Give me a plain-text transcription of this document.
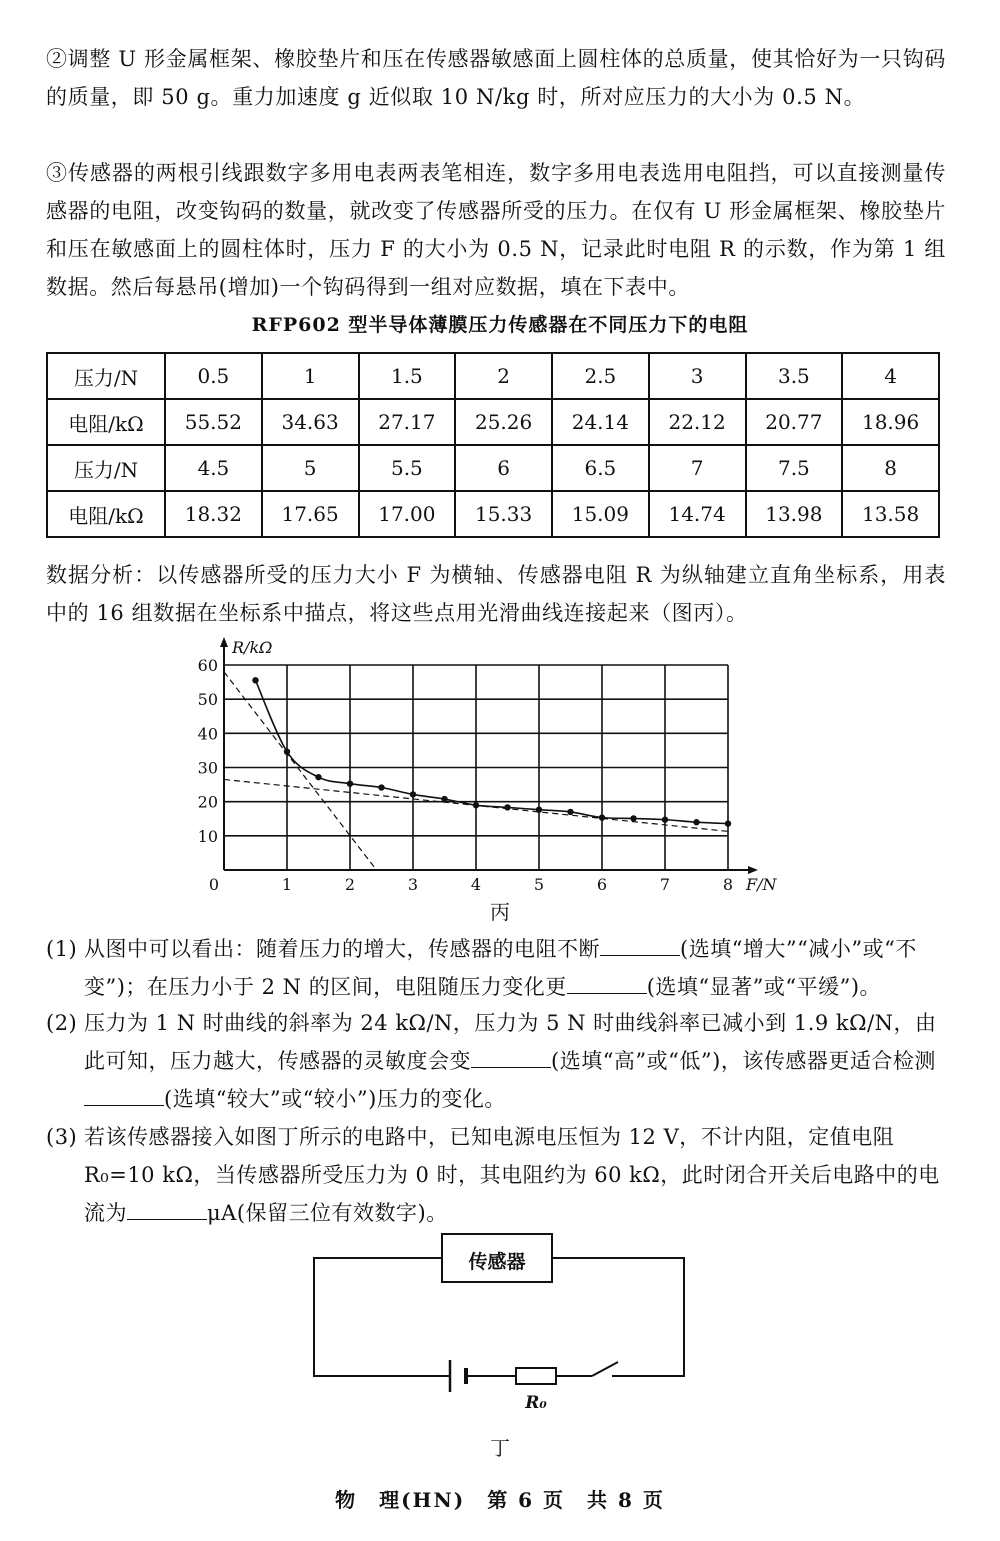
②调整 U 形金属框架、橡胶垫片和压在传感器敏感面上圆柱体的总质量，使其恰好为一只钩码的质量，即 50 g。重力加速度 g 近似取 10 N/kg 时，所对应压力的大小为 0.5 N。
③传感器的两根引线跟数字多用电表两表笔相连，数字多用电表选用电阻挡，可以直接测量传感器的电阻，改变钩码的数量，就改变了传感器所受的压力。在仅有 U 形金属框架、橡胶垫片和压在敏感面上的圆柱体时，压力 F 的大小为 0.5 N，记录此时电阻 R 的示数，作为第 1 组数据。然后每悬吊(增加)一个钩码得到一组对应数据，填在下表中。
RFP602 型半导体薄膜压力传感器在不同压力下的电阻
压力/N	0.5	1	1.5	2	2.5	3	3.5	4
电阻/kΩ	55.52	34.63	27.17	25.26	24.14	22.12	20.77	18.96
压力/N	4.5	5	5.5	6	6.5	7	7.5	8
电阻/kΩ	18.32	17.65	17.00	15.33	15.09	14.74	13.98	13.58
数据分析：以传感器所受的压力大小 F 为横轴、传感器电阻 R 为纵轴建立直角坐标系，用表中的 16 组数据在坐标系中描点，将这些点用光滑曲线连接起来（图丙）。
0	1	2	3	4	5	6	7	8
10
20
30
40
50
60
R/kΩ
F/N
丙
(1) 从图中可以看出：随着压力的增大，传感器的电阻不断	(选填“增大”“减小”或“不变”)；在压力小于 2 N 的区间，电阻随压力变化更	(选填“显著”或“平缓”)。
(2) 压力为 1 N 时曲线的斜率为 24 kΩ/N，压力为 5 N 时曲线斜率已减小到 1.9 kΩ/N，由此可知，压力越大，传感器的灵敏度会变	(选填“高”或“低”)，该传感器更适合检测(选填“较大”或“较小”)压力的变化。
(3) 若该传感器接入如图丁所示的电路中，已知电源电压恒为 12 V，不计内阻，定值电阻 R₀=10 kΩ，当传感器所受压力为 0 时，其电阻约为 60 kΩ，此时闭合开关后电路中的电流为	μA(保留三位有效数字)。
传感器
R₀
丁
物　理(HN)　第 6 页　共 8 页
